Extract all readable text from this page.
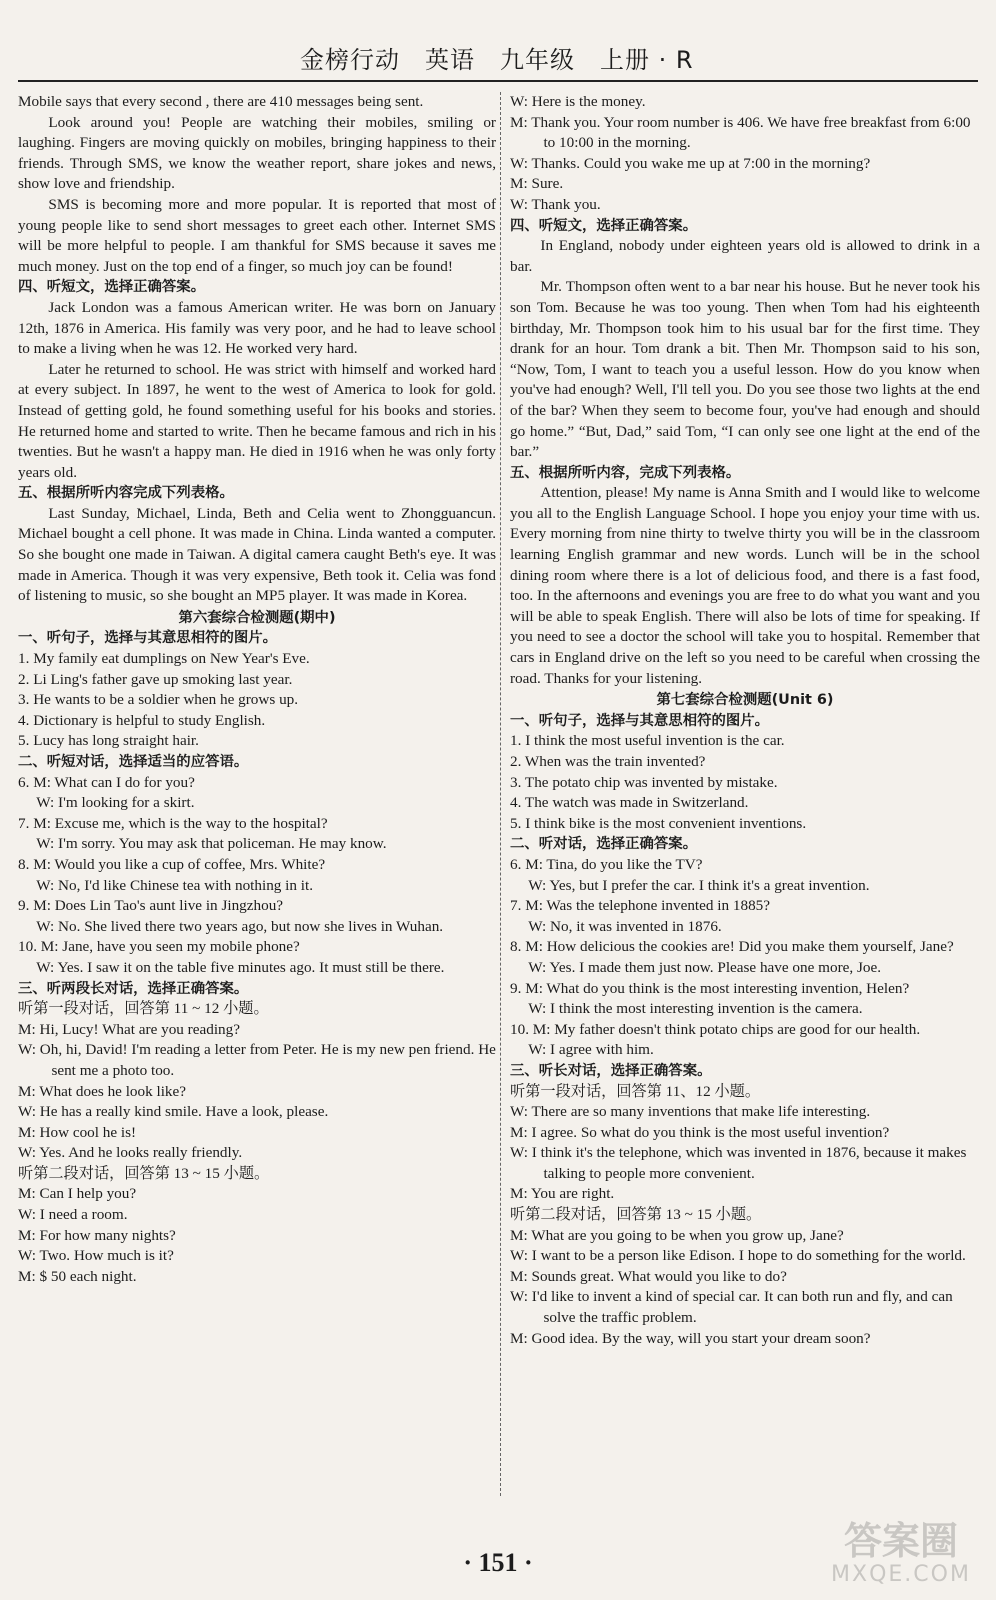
金榜行动　英语　九年级　上册 · R

Mobile says that every second , there are 410 messages being sent.

Look around you! People are watching their mobiles, smiling or laughing. Fingers are moving quickly on mobiles, bringing happiness to their friends. Through SMS, we know the weather report, share jokes and news, show love and friendship.

SMS is becoming more and more popular. It is reported that most of young people like to send short messages to greet each other. Internet SMS will be more helpful to people. I am thankful for SMS because it saves me much money. Just on the top end of a finger, so much joy can be found!

四、听短文，选择正确答案。

Jack London was a famous American writer. He was born on January 12th, 1876 in America. His family was very poor, and he had to leave school to make a living when he was 12. He worked very hard.

Later he returned to school. He was strict with himself and worked hard at every subject. In 1897, he went to the west of America to look for gold. Instead of getting gold, he found something useful for his books and stories. He returned home and started to write. Then he became famous and rich in his twenties. But he wasn't a happy man. He died in 1916 when he was only forty years old.

五、根据所听内容完成下列表格。

Last Sunday, Michael, Linda, Beth and Celia went to Zhongguancun. Michael bought a cell phone. It was made in China. Linda wanted a computer. So she bought one made in Taiwan. A digital camera caught Beth's eye. It was made in America. Though it was very expensive, Beth took it. Celia was fond of listening to music, so she bought an MP5 player. It was made in Korea.

第六套综合检测题(期中)

一、听句子，选择与其意思相符的图片。

1. My family eat dumplings on New Year's Eve.

2. Li Ling's father gave up smoking last year.

3. He wants to be a soldier when he grows up.

4. Dictionary is helpful to study English.

5. Lucy has long straight hair.

二、听短对话，选择适当的应答语。

6. M: What can I do for you?

W: I'm looking for a skirt.

7. M: Excuse me, which is the way to the hospital?

W: I'm sorry. You may ask that policeman. He may know.

8. M: Would you like a cup of coffee, Mrs. White?

W: No, I'd like Chinese tea with nothing in it.

9. M: Does Lin Tao's aunt live in Jingzhou?

W: No. She lived there two years ago, but now she lives in Wuhan.

10. M: Jane, have you seen my mobile phone?

W: Yes. I saw it on the table five minutes ago. It must still be there.

三、听两段长对话，选择正确答案。

听第一段对话，回答第 11 ~ 12 小题。

M: Hi, Lucy! What are you reading?

W: Oh, hi, David! I'm reading a letter from Peter. He is my new pen friend. He sent me a photo too.

M: What does he look like?

W: He has a really kind smile. Have a look, please.

M: How cool he is!

W: Yes. And he looks really friendly.

听第二段对话，回答第 13 ~ 15 小题。

M: Can I help you?

W: I need a room.

M: For how many nights?

W: Two. How much is it?

M: $ 50 each night.

W: Here is the money.

M: Thank you. Your room number is 406. We have free breakfast from 6:00 to 10:00 in the morning.

W: Thanks. Could you wake me up at 7:00 in the morning?

M: Sure.

W: Thank you.

四、听短文，选择正确答案。

In England, nobody under eighteen years old is allowed to drink in a bar.

Mr. Thompson often went to a bar near his house. But he never took his son Tom. Because he was too young. Then when Tom had his eighteenth birthday, Mr. Thompson took him to his usual bar for the first time. They drank for an hour. Tom drank a bit. Then Mr. Thompson said to his son, “Now, Tom, I want to teach you a useful lesson. How do you know when you've had enough? Well, I'll tell you. Do you see those two lights at the end of the bar? When they seem to become four, you've had enough and should go home.” “But, Dad,” said Tom, “I can only see one light at the end of the bar.”

五、根据所听内容，完成下列表格。

Attention, please! My name is Anna Smith and I would like to welcome you all to the English Language School. I hope you enjoy your time with us. Every morning from nine thirty to twelve thirty you will be in the classroom learning English grammar and new words. Lunch will be in the school dining room where there is a lot of delicious food, and there is a fast food, too. In the afternoons and evenings you are free to do what you want and you will be able to speak English. There will also be lots of time for speaking. If you need to see a doctor the school will take you to hospital. Remember that cars in England drive on the left so you need to be careful when crossing the road. Thanks for your listening.

第七套综合检测题(Unit 6)

一、听句子，选择与其意思相符的图片。

1. I think the most useful invention is the car.

2. When was the train invented?

3. The potato chip was invented by mistake.

4. The watch was made in Switzerland.

5. I think bike is the most convenient inventions.

二、听对话，选择正确答案。

6. M: Tina, do you like the TV?

W: Yes, but I prefer the car. I think it's a great invention.

7. M: Was the telephone invented in 1885?

W: No, it was invented in 1876.

8. M: How delicious the cookies are! Did you make them yourself, Jane?

W: Yes. I made them just now. Please have one more, Joe.

9. M: What do you think is the most interesting invention, Helen?

W: I think the most interesting invention is the camera.

10. M: My father doesn't think potato chips are good for our health.

W: I agree with him.

三、听长对话，选择正确答案。

听第一段对话，回答第 11、12 小题。

W: There are so many inventions that make life interesting.

M: I agree. So what do you think is the most useful invention?

W: I think it's the telephone, which was invented in 1876, because it makes talking to people more convenient.

M: You are right.

听第二段对话，回答第 13 ~ 15 小题。

M: What are you going to be when you grow up, Jane?

W: I want to be a person like Edison. I hope to do something for the world.

M: Sounds great. What would you like to do?

W: I'd like to invent a kind of special car. It can both run and fly, and can solve the traffic problem.

M: Good idea. By the way, will you start your dream soon?

· 151 ·	答案圈
MXQE.COM
